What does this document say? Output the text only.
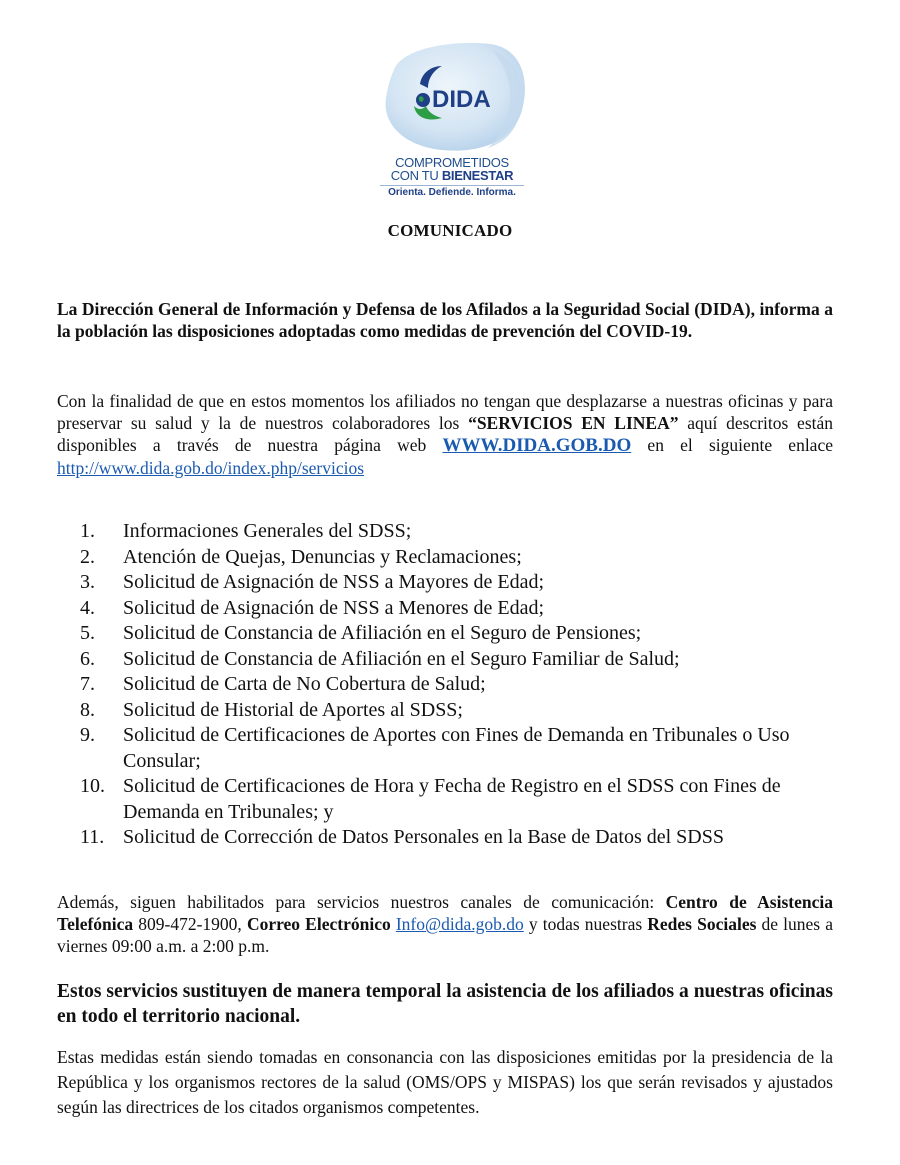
DIDA
COMPROMETIDOS
CON TU BIENESTAR
Orienta. Defiende. Informa.
COMUNICADO
La Dirección General de Información y Defensa de los Afilados a la Seguridad Social (DIDA), informa a la población las disposiciones adoptadas como medidas de prevención del COVID-19.
Con la finalidad de que en estos momentos los afiliados no tengan que desplazarse a nuestras oficinas y para preservar su salud y la de nuestros colaboradores los “SERVICIOS EN LINEA” aquí descritos están disponibles a través de nuestra página web WWW.DIDA.GOB.DO en el siguiente enlace http://www.dida.gob.do/index.php/servicios
1. Informaciones Generales del SDSS;
2. Atención de Quejas, Denuncias y Reclamaciones;
3. Solicitud de Asignación de NSS a Mayores de Edad;
4. Solicitud de Asignación de NSS a Menores de Edad;
5. Solicitud de Constancia de Afiliación en el Seguro de Pensiones;
6. Solicitud de Constancia de Afiliación en el Seguro Familiar de Salud;
7. Solicitud de Carta de No Cobertura de Salud;
8. Solicitud de Historial de Aportes al SDSS;
9. Solicitud de Certificaciones de Aportes con Fines de Demanda en Tribunales o Uso Consular;
10. Solicitud de Certificaciones de Hora y Fecha de Registro en el SDSS con Fines de Demanda en Tribunales; y
11. Solicitud de Corrección de Datos Personales en la Base de Datos del SDSS
Además, siguen habilitados para servicios nuestros canales de comunicación: Centro de Asistencia Telefónica 809-472-1900, Correo Electrónico Info@dida.gob.do y todas nuestras Redes Sociales de lunes a viernes 09:00 a.m. a 2:00 p.m.
Estos servicios sustituyen de manera temporal la asistencia de los afiliados a nuestras oficinas en todo el territorio nacional.
Estas medidas están siendo tomadas en consonancia con las disposiciones emitidas por la presidencia de la República y los organismos rectores de la salud (OMS/OPS y MISPAS) los que serán revisados y ajustados según las directrices de los citados organismos competentes.
